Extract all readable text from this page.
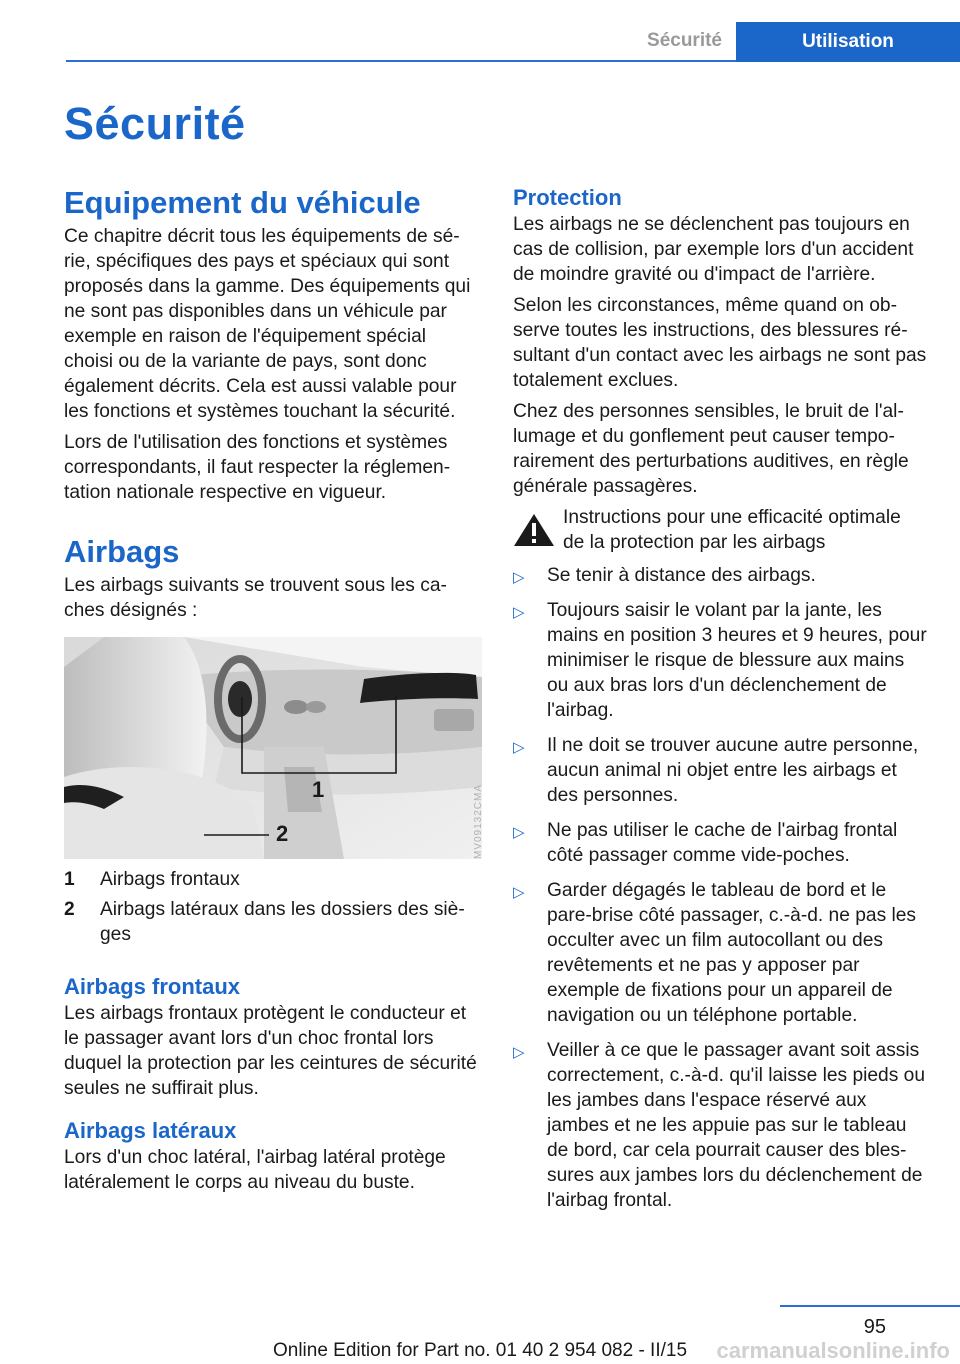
Sécurité	Utilisation
Sécurité
Equipement du véhicule

Ce chapitre décrit tous les équipements de série, spécifiques des pays et spéciaux qui sont proposés dans la gamme. Des équipements qui ne sont pas disponibles dans un véhicule par exemple en raison de l'équipement spécial choisi ou de la variante de pays, sont donc également décrits. Cela est aussi valable pour les fonctions et systèmes touchant la sécurité.

Lors de l'utilisation des fonctions et systèmes correspondants, il faut respecter la réglementation nationale respective en vigueur.

Airbags

Les airbags suivants se trouvent sous les caches désignés :

1
2	MV09132CMA
1	Airbags frontaux
2	Airbags latéraux dans les dossiers des sièges
Airbags frontaux

Les airbags frontaux protègent le conducteur et le passager avant lors d'un choc frontal lors duquel la protection par les ceintures de sécurité seules ne suffirait plus.

Airbags latéraux

Lors d'un choc latéral, l'airbag latéral protège latéralement le corps au niveau du buste.

Protection

Les airbags ne se déclenchent pas toujours en cas de collision, par exemple lors d'un accident de moindre gravité ou d'impact de l'arrière.

Selon les circonstances, même quand on observe toutes les instructions, des blessures résultant d'un contact avec les airbags ne sont pas totalement exclues.

Chez des personnes sensibles, le bruit de l'allumage et du gonflement peut causer temporairement des perturbations auditives, en règle générale passagères.

Instructions pour une efficacité optimale de la protection par les airbags
▷ Se tenir à distance des airbags.
▷ Toujours saisir le volant par la jante, les mains en position 3 heures et 9 heures, pour minimiser le risque de blessure aux mains ou aux bras lors d'un déclenchement de l'airbag.
▷ Il ne doit se trouver aucune autre personne, aucun animal ni objet entre les airbags et des personnes.
▷ Ne pas utiliser le cache de l'airbag frontal côté passager comme vide-poches.
▷ Garder dégagés le tableau de bord et le pare-brise côté passager, c.-à-d. ne pas les occulter avec un film autocollant ou des revêtements et ne pas y apposer par exemple de fixations pour un appareil de navigation ou un téléphone portable.
▷ Veiller à ce que le passager avant soit assis correctement, c.-à-d. qu'il laisse les pieds ou les jambes dans l'espace réservé aux jambes et ne les appuie pas sur le tableau de bord, car cela pourrait causer des blessures aux jambes lors du déclenchement de l'airbag frontal.
95
Online Edition for Part no. 01 40 2 954 082 - II/15	carmanualsonline.info
